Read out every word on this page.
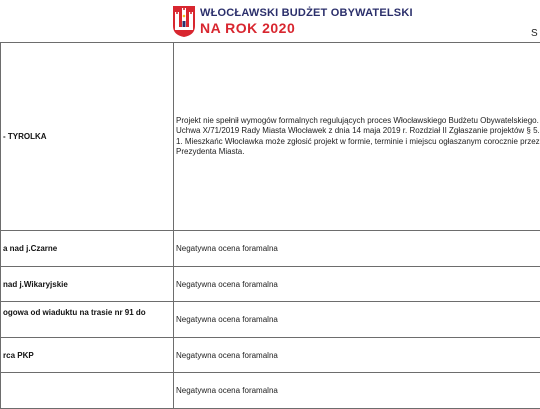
WŁOCŁAWSKI BUDŻET OBYWATELSKI
NA ROK 2020	S
- TYROLKA	Projekt nie spełnił wymogów formalnych regulujących proces Włocławskiego Budżetu Obywatelskiego. Uchwa X/71/2019 Rady Miasta Włocławek z dnia 14 maja 2019 r. Rozdział II Zgłaszanie projektów § 5. 1. Mieszkańc Włocławka może zgłosić projekt w formie, terminie i miejscu ogłaszanym corocznie przez Prezydenta Miasta.

a nad j.Czarne	Negatywna ocena foramalna

nad j.Wikaryjskie	Negatywna ocena foramalna

ogowa od wiaduktu na trasie nr 91 do	Negatywna ocena foramalna

rca PKP	Negatywna ocena foramalna

	Negatywna ocena foramalna
